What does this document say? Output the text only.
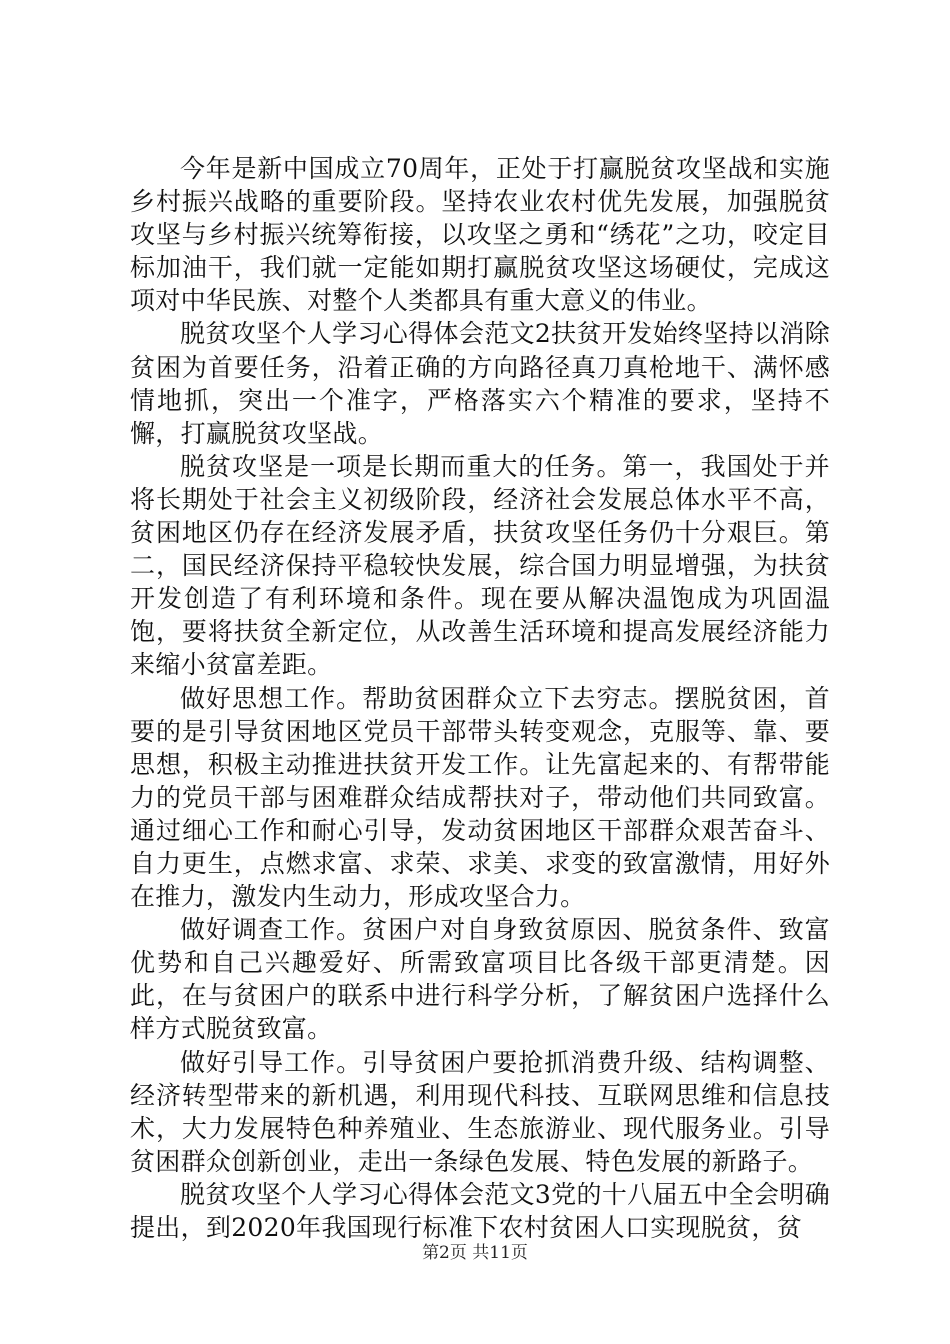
今年是新中国成立70周年，正处于打赢脱贫攻坚战和实施乡村振兴战略的重要阶段。坚持农业农村优先发展，加强脱贫攻坚与乡村振兴统筹衔接，以攻坚之勇和“绣花”之功，咬定目标加油干，我们就一定能如期打赢脱贫攻坚这场硬仗，完成这项对中华民族、对整个人类都具有重大意义的伟业。

脱贫攻坚个人学习心得体会范文2扶贫开发始终坚持以消除贫困为首要任务，沿着正确的方向路径真刀真枪地干、满怀感情地抓，突出一个准字，严格落实六个精准的要求，坚持不懈，打赢脱贫攻坚战。

脱贫攻坚是一项是长期而重大的任务。第一，我国处于并将长期处于社会主义初级阶段，经济社会发展总体水平不高，贫困地区仍存在经济发展矛盾，扶贫攻坚任务仍十分艰巨。第二，国民经济保持平稳较快发展，综合国力明显增强，为扶贫开发创造了有利环境和条件。现在要从解决温饱成为巩固温饱，要将扶贫全新定位，从改善生活环境和提高发展经济能力来缩小贫富差距。

做好思想工作。帮助贫困群众立下去穷志。摆脱贫困，首要的是引导贫困地区党员干部带头转变观念，克服等、靠、要思想，积极主动推进扶贫开发工作。让先富起来的、有帮带能力的党员干部与困难群众结成帮扶对子，带动他们共同致富。通过细心工作和耐心引导，发动贫困地区干部群众艰苦奋斗、自力更生，点燃求富、求荣、求美、求变的致富激情，用好外在推力，激发内生动力，形成攻坚合力。

做好调查工作。贫困户对自身致贫原因、脱贫条件、致富优势和自己兴趣爱好、所需致富项目比各级干部更清楚。因此，在与贫困户的联系中进行科学分析，了解贫困户选择什么样方式脱贫致富。

做好引导工作。引导贫困户要抢抓消费升级、结构调整、经济转型带来的新机遇，利用现代科技、互联网思维和信息技术，大力发展特色种养殖业、生态旅游业、现代服务业。引导贫困群众创新创业，走出一条绿色发展、特色发展的新路子。

脱贫攻坚个人学习心得体会范文3党的十八届五中全会明确提出，到2020年我国现行标准下农村贫困人口实现脱贫，贫

第2页 共11页
